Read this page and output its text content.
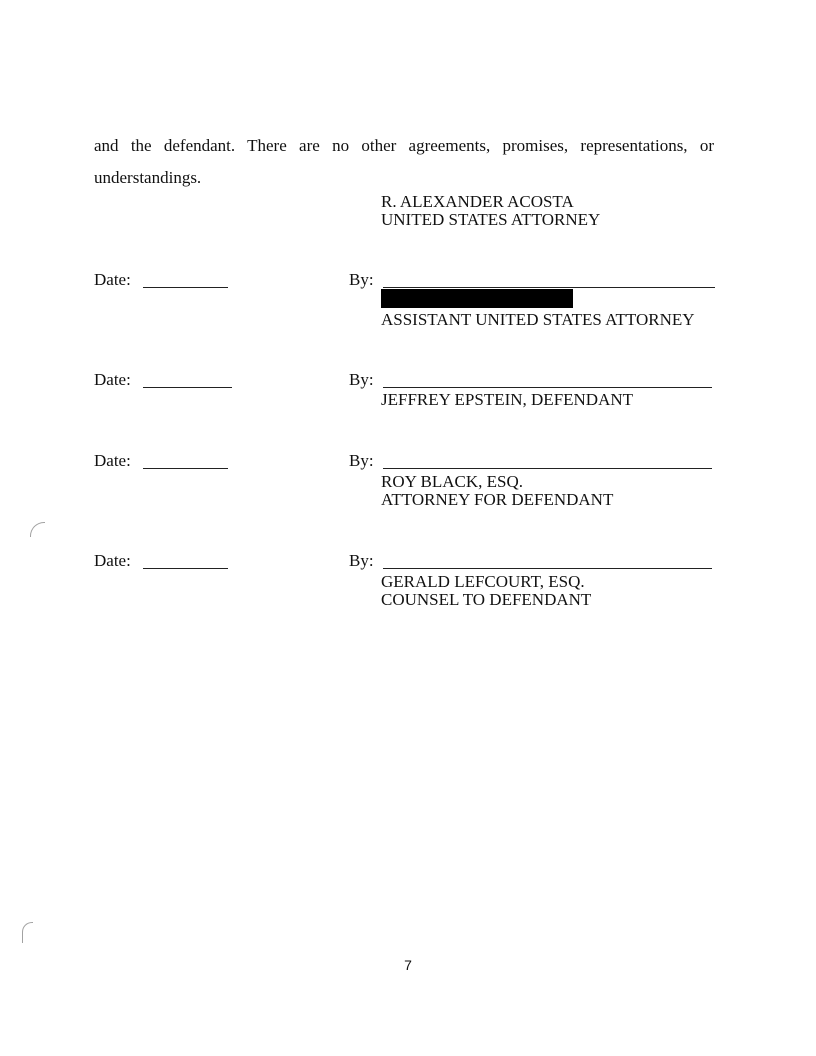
and the defendant. There are no other agreements, promises, representations, or
understandings.
R. ALEXANDER ACOSTA
UNITED STATES ATTORNEY
Date:	By:
ASSISTANT UNITED STATES ATTORNEY
Date:	By:
JEFFREY EPSTEIN, DEFENDANT
Date:	By:
ROY BLACK, ESQ.
ATTORNEY FOR DEFENDANT
Date:	By:
GERALD LEFCOURT, ESQ.
COUNSEL TO DEFENDANT
7
